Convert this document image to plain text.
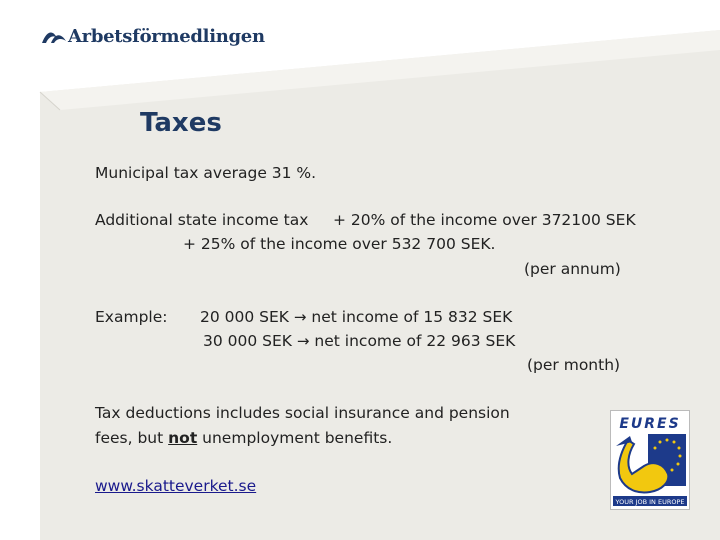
Arbetsförmedlingen
Taxes
Municipal tax average 31 %.
Additional state income tax + 20% of the income over 372100 SEK
+ 25% of the income over 532 700 SEK.
(per annum)
Example: 20 000 SEK → net income of 15 832 SEK
30 000 SEK → net income of 22 963 SEK
(per month)
Tax deductions includes social insurance and pension
fees, but not unemployment benefits.
www.skatteverket.se
EURES
YOUR JOB IN EUROPE
